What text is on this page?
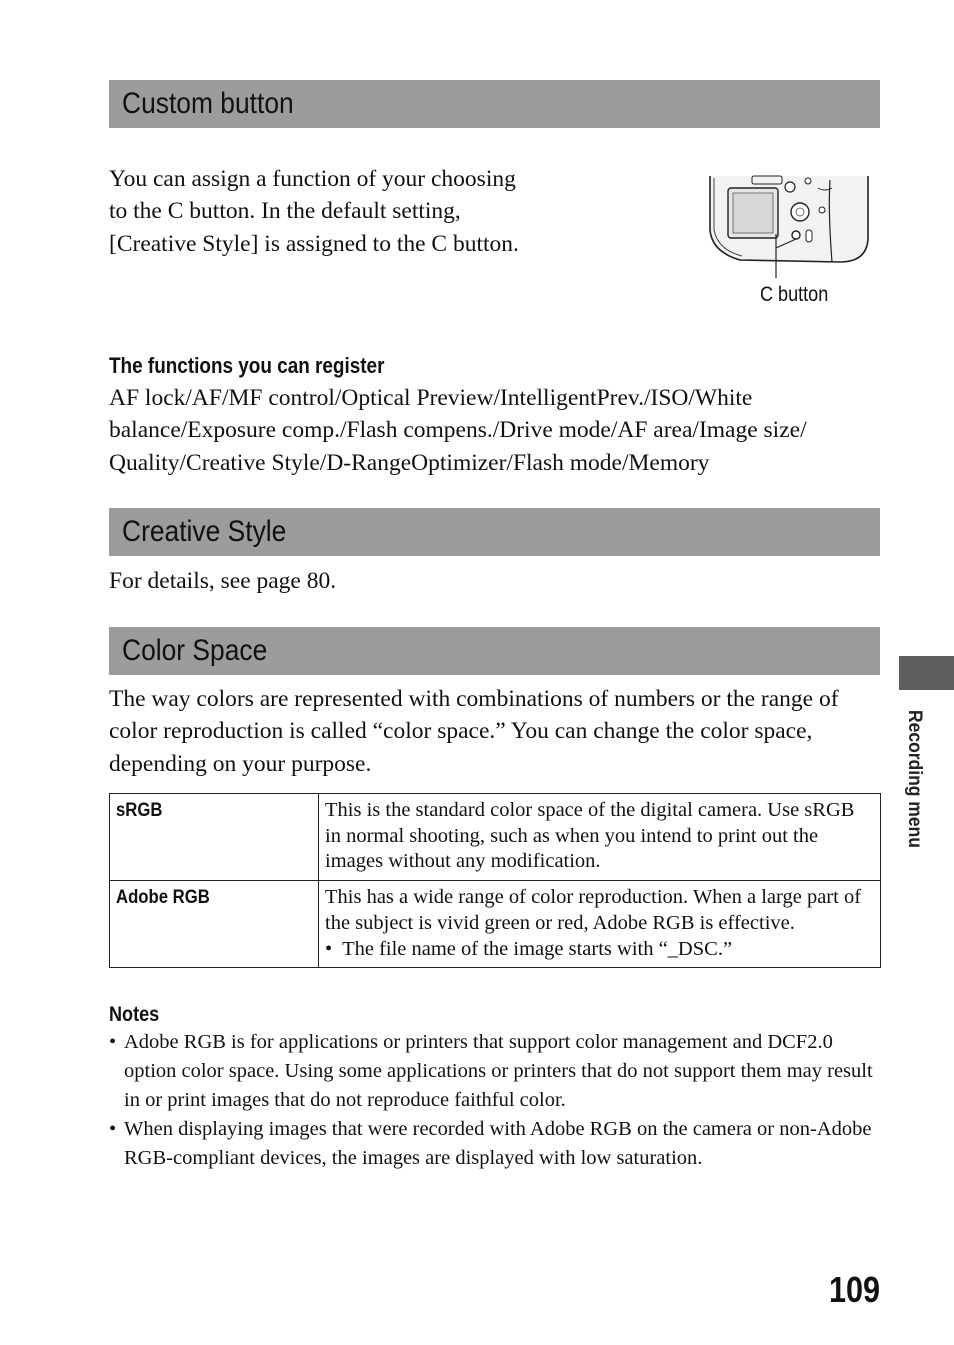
Custom button
You can assign a function of your choosing to the C button. In the default setting, [Creative Style] is assigned to the C button.
C button
The functions you can register
AF lock/AF/MF control/Optical Preview/IntelligentPrev./ISO/White balance/Exposure comp./Flash compens./Drive mode/AF area/Image size/ Quality/Creative Style/D-RangeOptimizer/Flash mode/Memory
Creative Style
For details, see page 80.
Color Space
The way colors are represented with combinations of numbers or the range of color reproduction is called “color space.” You can change the color space, depending on your purpose.
sRGB	This is the standard color space of the digital camera. Use sRGB in normal shooting, such as when you intend to print out the images without any modification.
Adobe RGB	This has a wide range of color reproduction. When a large part of the subject is vivid green or red, Adobe RGB is effective.
• The file name of the image starts with “_DSC.”
Notes
• Adobe RGB is for applications or printers that support color management and DCF2.0 option color space. Using some applications or printers that do not support them may result in or print images that do not reproduce faithful color.
• When displaying images that were recorded with Adobe RGB on the camera or non-Adobe RGB-compliant devices, the images are displayed with low saturation.
Recording menu
109
